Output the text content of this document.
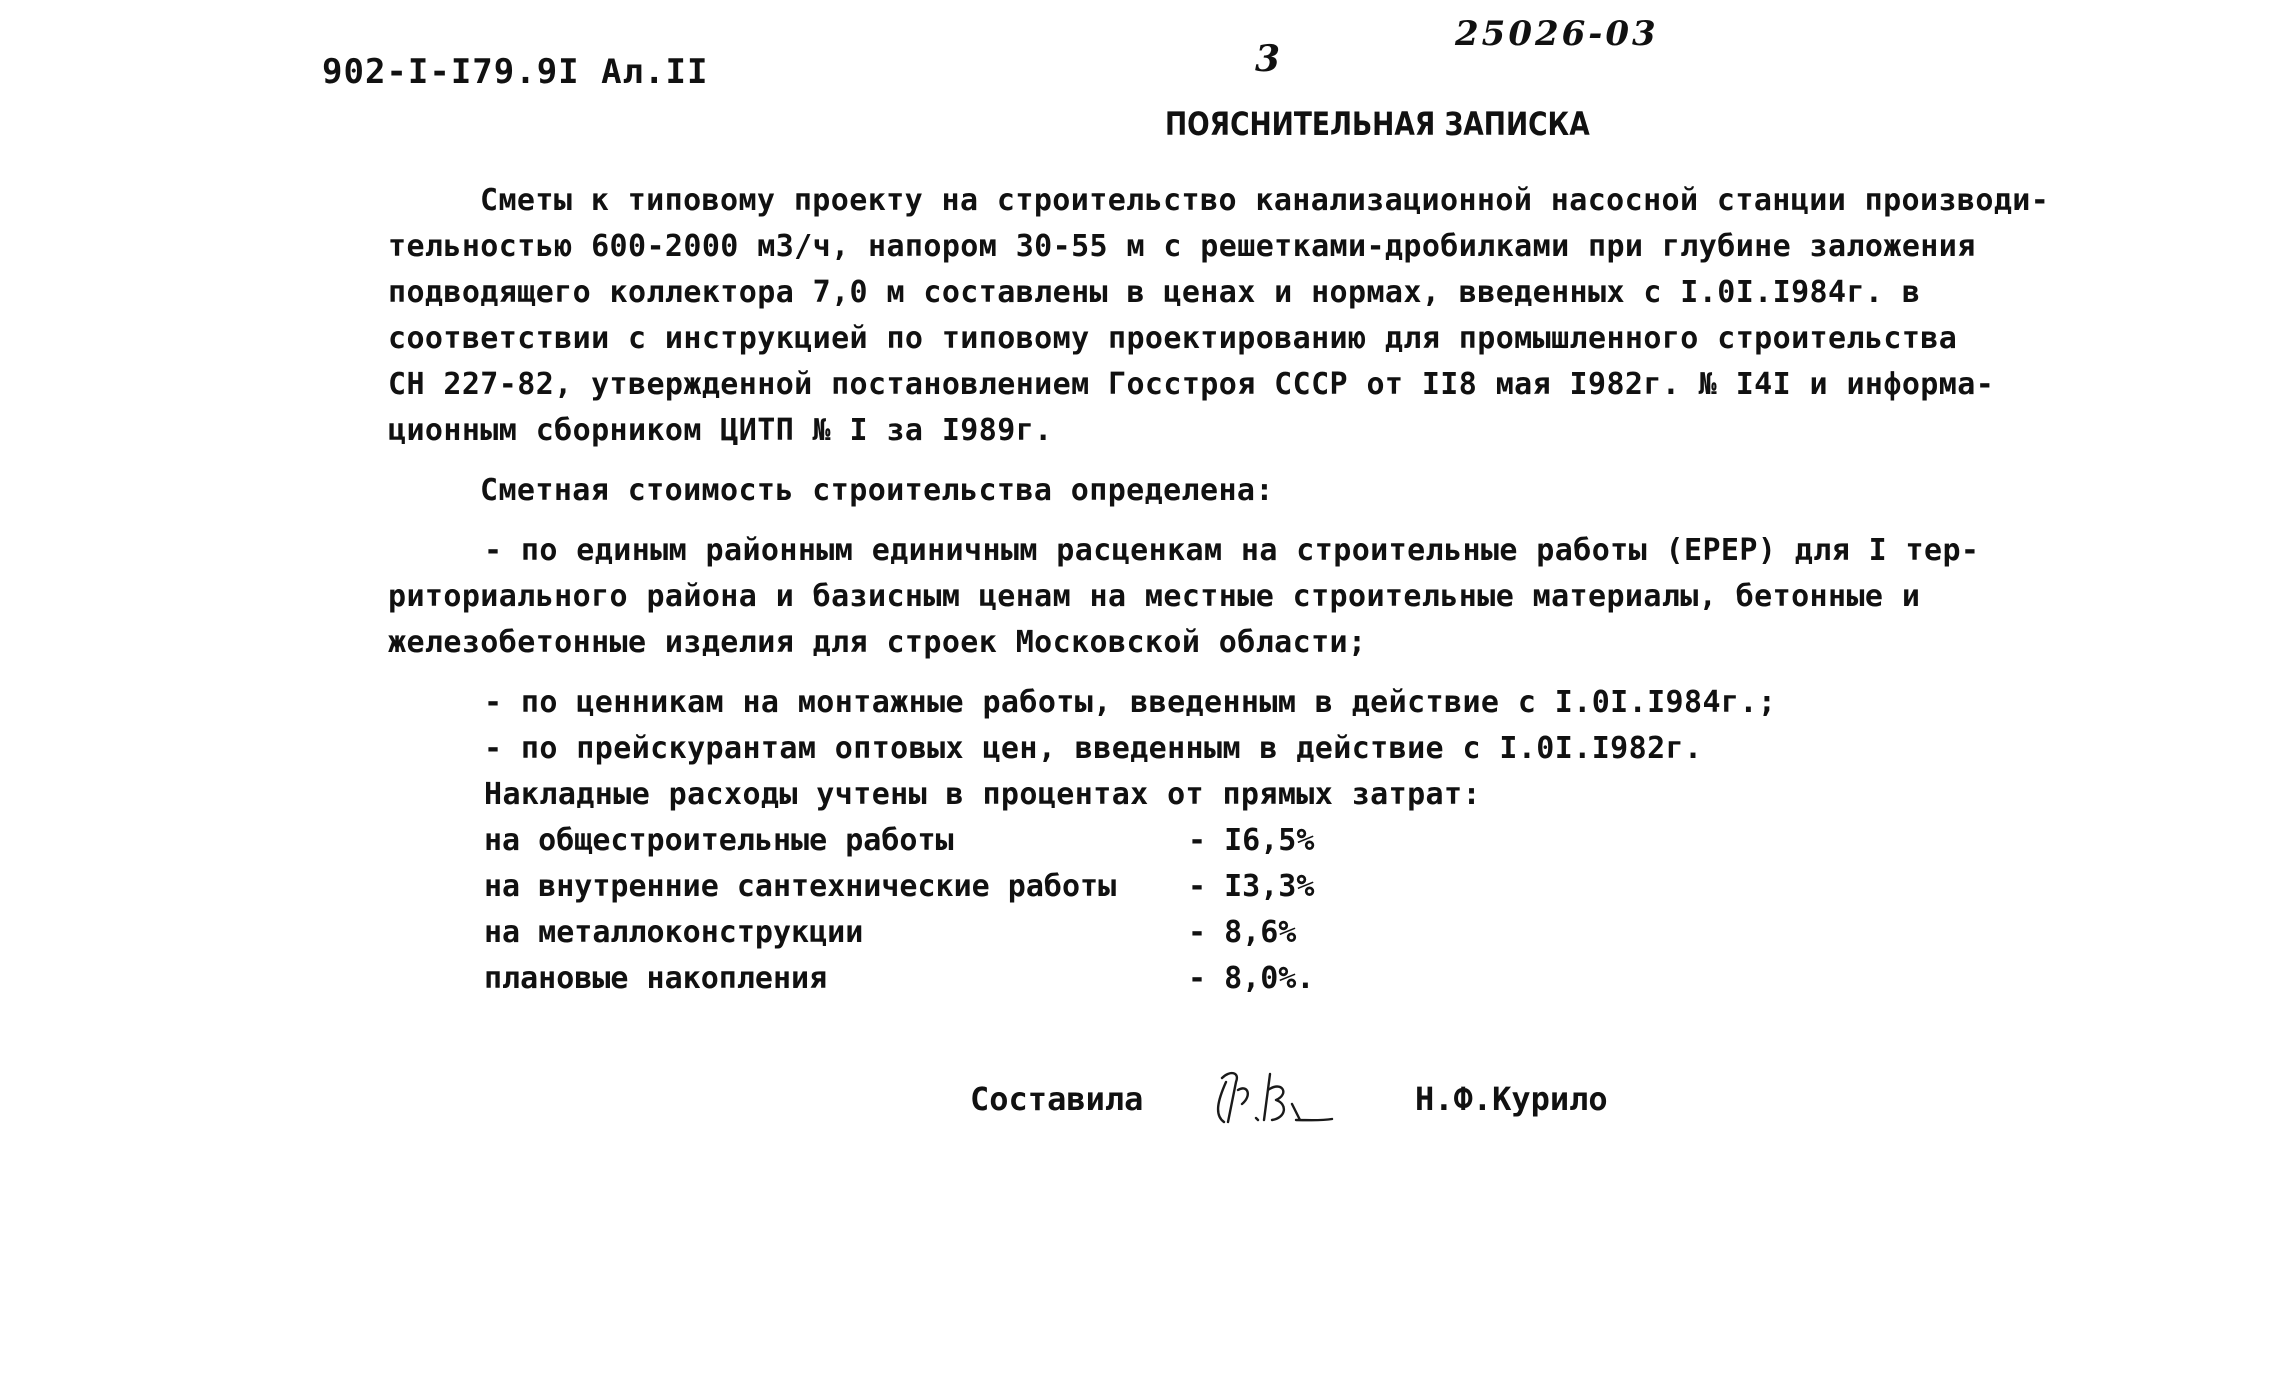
902-I-I79.9I Ал.II	3
25026-03
ПОЯСНИТЕЛЬНАЯ ЗАПИСКА
Сметы к типовому проекту на строительство канализационной насосной станции производи-
тельностью 600-2000 м3/ч, напором 30-55 м с решетками-дробилками при глубине заложения
подводящего коллектора 7,0 м составлены в ценах и нормах, введенных с I.0I.I984г. в
соответствии с инструкцией по типовому проектированию для промышленного строительства
СН 227-82, утвержденной постановлением Госстроя СССР от II8 мая I982г. № I4I и информа-
ционным сборником ЦИТП № I за I989г.
Сметная стоимость строительства определена:
- по единым районным единичным расценкам на строительные работы (ЕРЕР) для I тер-
риториального района и базисным ценам на местные строительные материалы, бетонные и
железобетонные изделия для строек Московской области;
- по ценникам на монтажные работы, введенным в действие с I.0I.I984г.;
- по прейскурантам оптовых цен, введенным в действие с I.0I.I982г.
Накладные расходы учтены в процентах от прямых затрат:
на общестроительные работы	- I6,5%
на внутренние сантехнические работы - I3,3%
на металлоконструкции	- 8,6%
плановые накопления	- 8,0%.
Составила	Н.Ф.Курило
